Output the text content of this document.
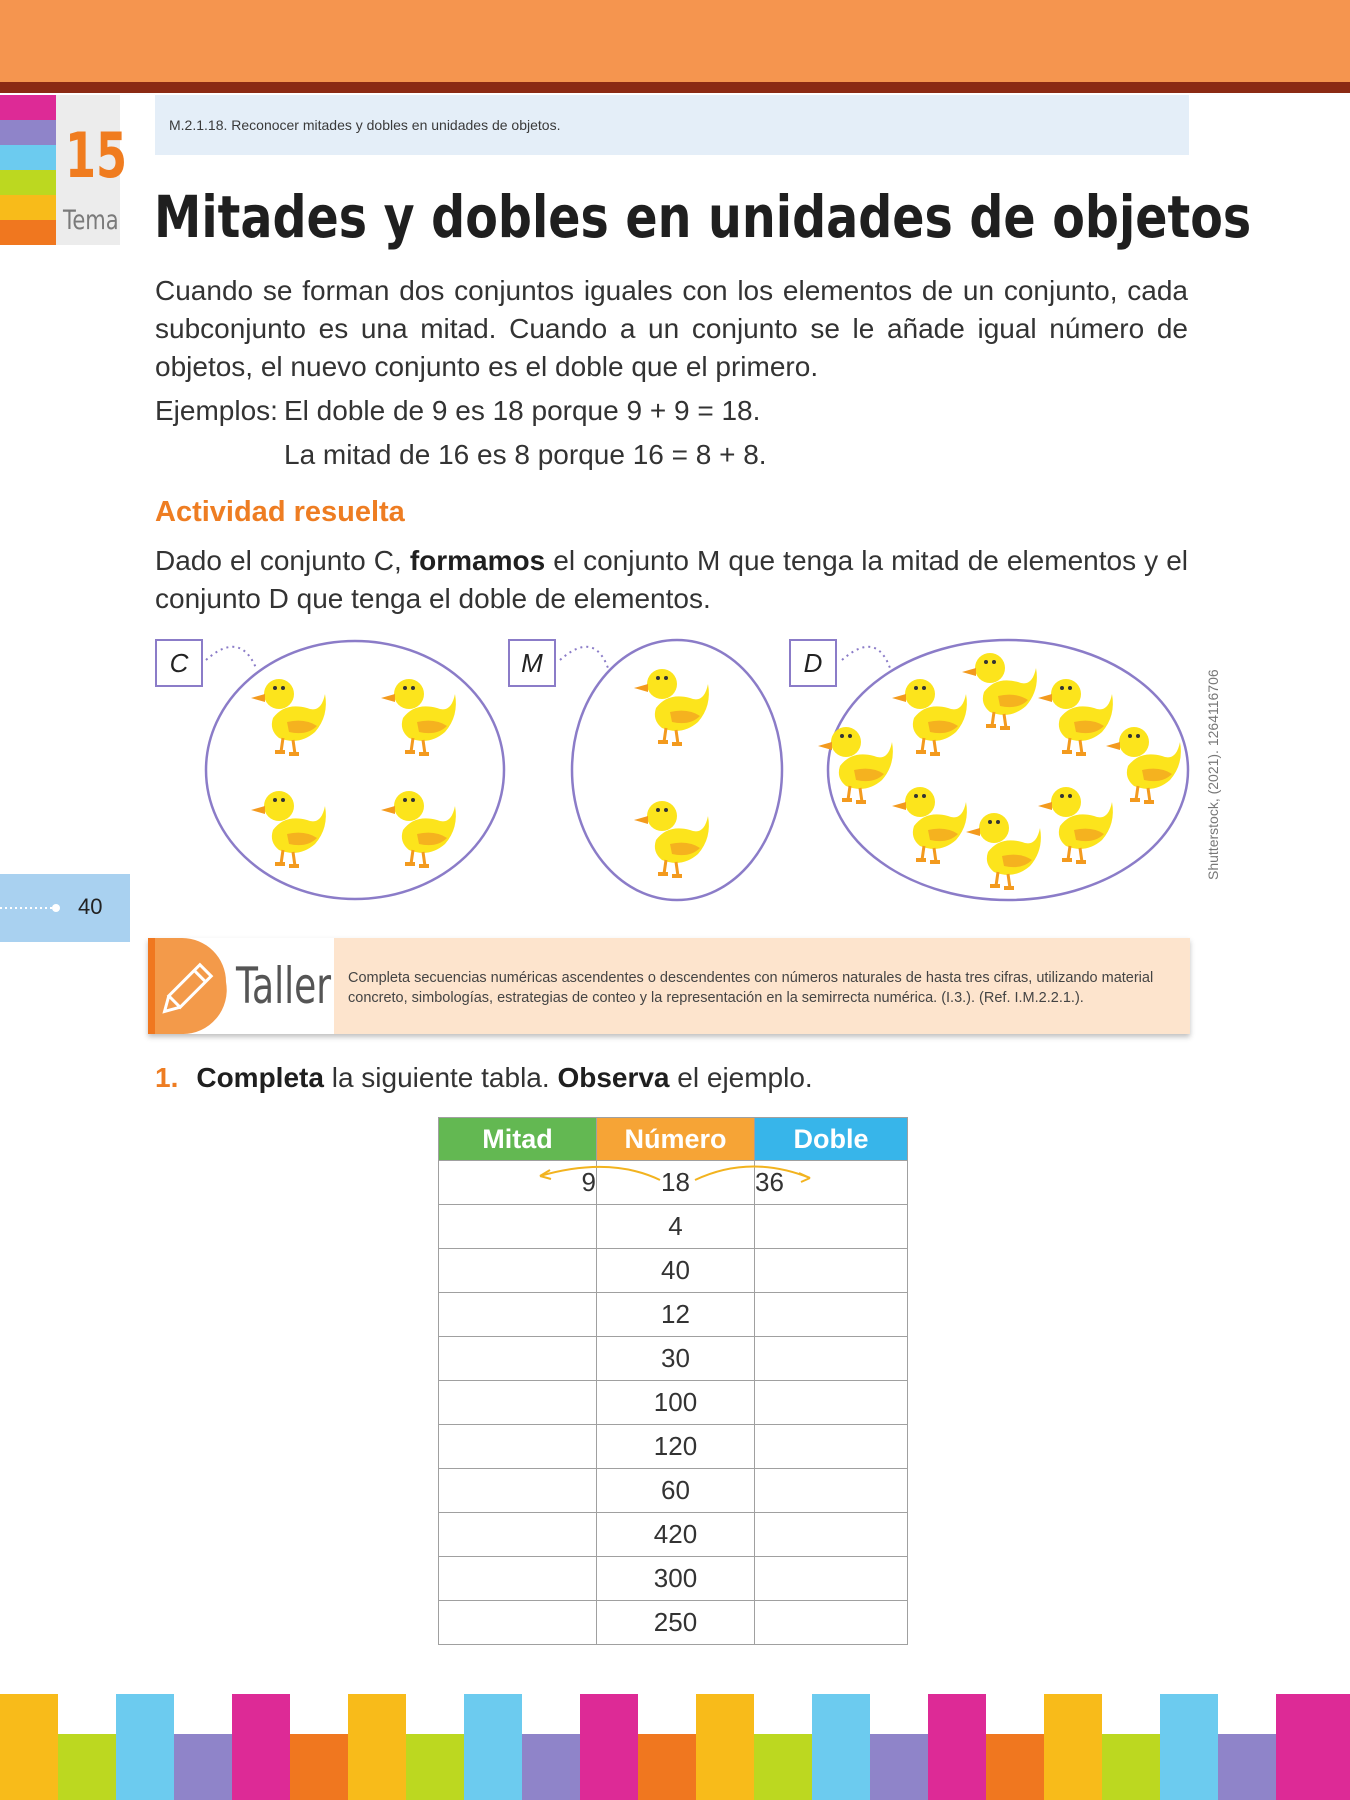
15
Tema
M.2.1.18. Reconocer mitades y dobles en unidades de objetos.
Mitades y dobles en unidades de objetos

Cuando se forman dos conjuntos iguales con los elementos de un conjunto, cada subconjunto es una mitad. Cuando a un conjunto se le añade igual número de objetos, el nuevo conjunto es el doble que el primero.

Ejemplos: El doble de 9 es 18 porque 9 + 9 = 18.
La mitad de 16 es 8 porque 16 = 8 + 8.
Actividad resuelta

Dado el conjunto C, formamos el conjunto M que tenga la mitad de elementos y el conjunto D que tenga el doble de elementos.

C	M	D
Shutterstock, (2021). 1264116706
40
Taller Completa secuencias numéricas ascendentes o descendentes con números naturales de hasta tres cifras, utilizando material concreto, simbologías, estrategias de conteo y la representación en la semirrecta numérica. (I.3.). (Ref. I.M.2.2.1.).

1. Completa la siguiente tabla. Observa el ejemplo.
Mitad	Número	Doble
9	18	36
	4	
	40	
	12	
	30	
	100	
	120	
	60	
	420	
	300	
	250	
